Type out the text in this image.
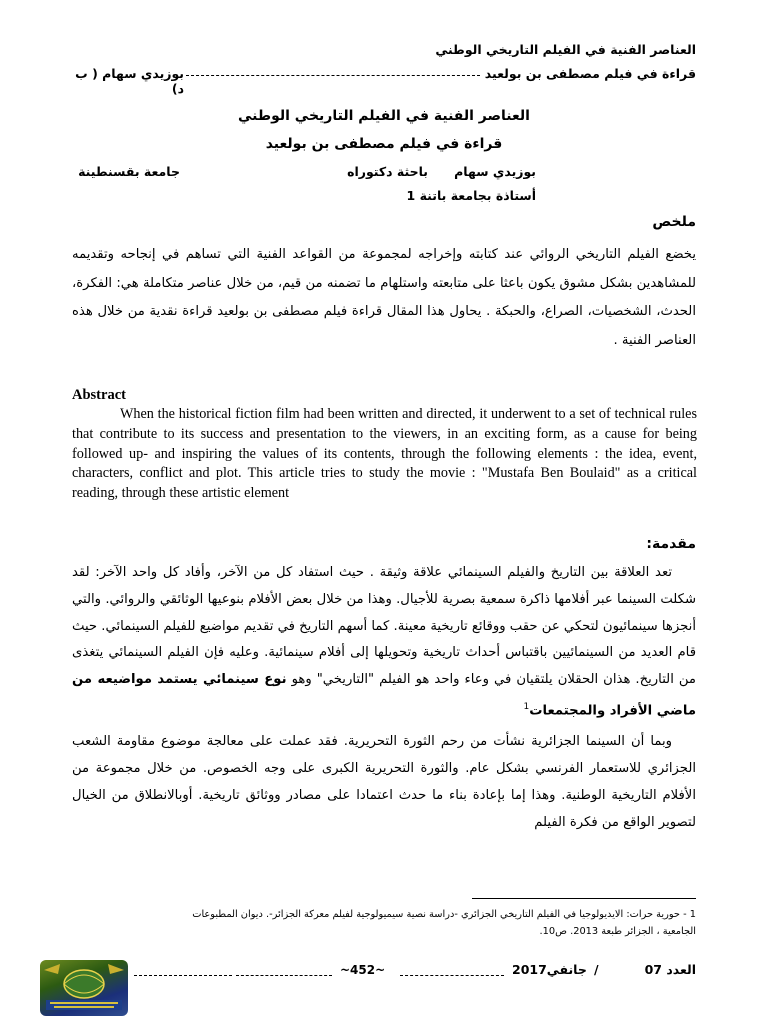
العناصر الفنية في الفيلم التاريخي الوطني
قراءة في فيلم مصطفى بن بولعيد
بوزيدي سهام ( ب د)
العناصر الفنية في الفيلم التاريخي الوطني
قراءة في فيلم مصطفى بن بولعيد
بوزيدي سهام
باحثة دكتوراه
جامعة بقسنطينة
أستاذة بجامعة باتنة 1
ملخص

يخضع الفيلم التاريخي الروائي عند كتابته وإخراجه لمجموعة من القواعد الفنية التي تساهم في إنجاحه وتقديمه للمشاهدين بشكل مشوق يكون باعثا على متابعته واستلهام ما تضمنه من قيم، من خلال عناصر متكاملة هي: الفكرة، الحدث، الشخصيات، الصراع، والحبكة . يحاول هذا المقال قراءة فيلم مصطفى بن بولعيد قراءة نقدية من خلال هذه العناصر الفنية .

Abstract
When the historical fiction film had been written and directed, it underwent to a set of technical rules that contribute to its success and presentation to the viewers, in an exciting form, as a cause for being followed up- and inspiring the values of its contents, through the following elements : the idea, event, characters, conflict and plot. This article tries to study the movie : "Mustafa Ben Boulaid" as a critical reading, through these artistic element
مقدمة:

تعد العلاقة بين التاريخ والفيلم السينمائي علاقة وثيقة . حيث استفاد كل من الآخر، وأفاد كل واحد الآخر: لقد شكلت السينما عبر أفلامها ذاكرة سمعية بصرية للأجيال. وهذا من خلال بعض الأفلام بنوعيها الوثائقي والروائي. والتي أنجزها سينمائيون لتحكي عن حقب ووقائع تاريخية معينة. كما أسهم التاريخ في تقديم مواضيع للفيلم السينمائي. حيث قام العديد من السينمائيين باقتباس أحداث تاريخية وتحويلها إلى أفلام سينمائية. وعليه فإن الفيلم السينمائي يتغذى من التاريخ. هذان الحقلان يلتقيان في وعاء واحد هو الفيلم "التاريخي" وهو نوع سينمائي يستمد مواضيعه من ماضي الأفراد والمجتمعات$^1$

وبما أن السينما الجزائرية نشأت من رحم الثورة التحريرية. فقد عملت على معالجة موضوع مقاومة الشعب الجزائري للاستعمار الفرنسي بشكل عام. والثورة التحريرية الكبرى على وجه الخصوص. من خلال مجموعة من الأفلام التاريخية الوطنية. وهذا إما بإعادة بناء ما حدث اعتمادا على مصادر ووثائق تاريخية. أوبالانطلاق من الخيال لتصوير الواقع من فكرة الفيلم

1 - حورية حرات: الايديولوجيا في الفيلم التاريخي الجزائري -دراسة نصية سيميولوجية لفيلم معركة الجزائر-. ديوان المطبوعات
الجامعية ، الجزائر طبعة 2013. ص10.
~452~	جانفي2017 /	العدد 07
